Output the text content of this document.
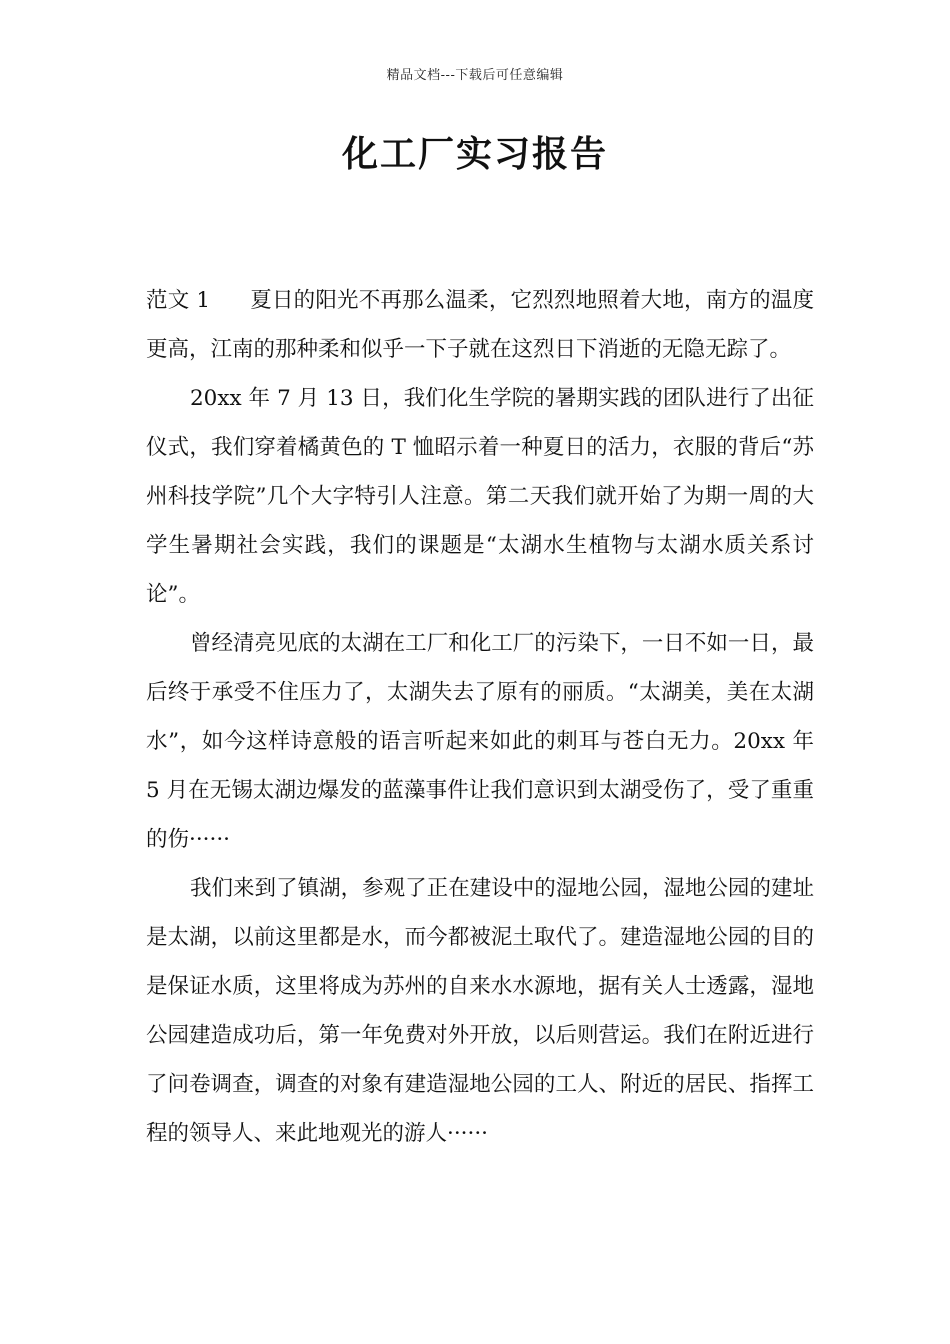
精品文档---下载后可任意编辑
化工厂实习报告

范文 1 夏日的阳光不再那么温柔，它烈烈地照着大地，南方的温度更高，江南的那种柔和似乎一下子就在这烈日下消逝的无隐无踪了。

20xx 年 7 月 13 日，我们化生学院的暑期实践的团队进行了出征仪式，我们穿着橘黄色的 T 恤昭示着一种夏日的活力，衣服的背后“苏州科技学院”几个大字特引人注意。第二天我们就开始了为期一周的大学生暑期社会实践，我们的课题是“太湖水生植物与太湖水质关系讨论”。

曾经清亮见底的太湖在工厂和化工厂的污染下，一日不如一日，最后终于承受不住压力了，太湖失去了原有的丽质。“太湖美，美在太湖水”，如今这样诗意般的语言听起来如此的刺耳与苍白无力。20xx 年 5 月在无锡太湖边爆发的蓝藻事件让我们意识到太湖受伤了，受了重重的伤······

我们来到了镇湖，参观了正在建设中的湿地公园，湿地公园的建址是太湖，以前这里都是水，而今都被泥土取代了。建造湿地公园的目的是保证水质，这里将成为苏州的自来水水源地，据有关人士透露，湿地公园建造成功后，第一年免费对外开放，以后则营运。我们在附近进行了问卷调查，调查的对象有建造湿地公园的工人、附近的居民、指挥工程的领导人、来此地观光的游人······
